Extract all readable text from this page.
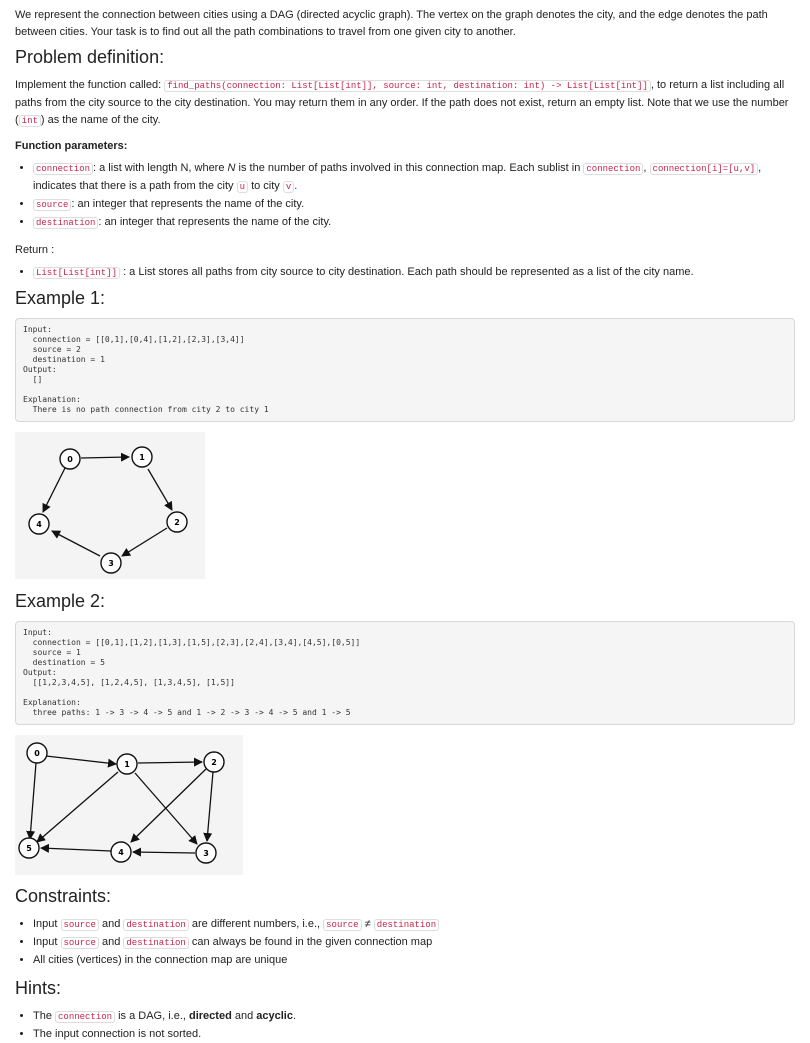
We represent the connection between cities using a DAG (directed acyclic graph). The vertex on the graph denotes the city, and the edge denotes the path between cities. Your task is to find out all the path combinations to travel from one given city to another.

Problem definition:

Implement the function called: find_paths(connection: List[List[int]], source: int, destination: int) -> List[List[int]] , to return a list including all paths from the city source to the city destination. You may return them in any order. If the path does not exist, return an empty list. Note that we use the number ( int ) as the name of the city.

Function parameters:
• connection : a list with length N, where N is the number of paths involved in this connection map. Each sublist in connection , connection[i]=[u,v] , indicates that there is a path from the city u to city v .
• source : an integer that represents the name of the city.
• destination : an integer that represents the name of the city.
Return :
• List[List[int]] : a List stores all paths from city source to city destination. Each path should be represented as a list of the city name.
Example 1:
Input:
connection = [[0,1],[0,4],[1,2],[2,3],[3,4]]
source = 2
destination = 1
Output:
[]

Explanation:
There is no path connection from city 2 to city 1
0	1
2
3
4
Example 2:
Input:
connection = [[0,1],[1,2],[1,3],[1,5],[2,3],[2,4],[3,4],[4,5],[0,5]]
source = 1
destination = 5
Output:
[[1,2,3,4,5], [1,2,4,5], [1,3,4,5], [1,5]]

Explanation:
three paths: 1 -> 3 -> 4 -> 5 and 1 -> 2 -> 3 -> 4 -> 5 and 1 -> 5
0
1	2
3
4
5
Constraints:
• Input source and destination are different numbers, i.e., source ≠ destination
• Input source and destination can always be found in the given connection map
• All cities (vertices) in the connection map are unique
Hints:
• The connection is a DAG, i.e., directed and acyclic.
• The input connection is not sorted.
